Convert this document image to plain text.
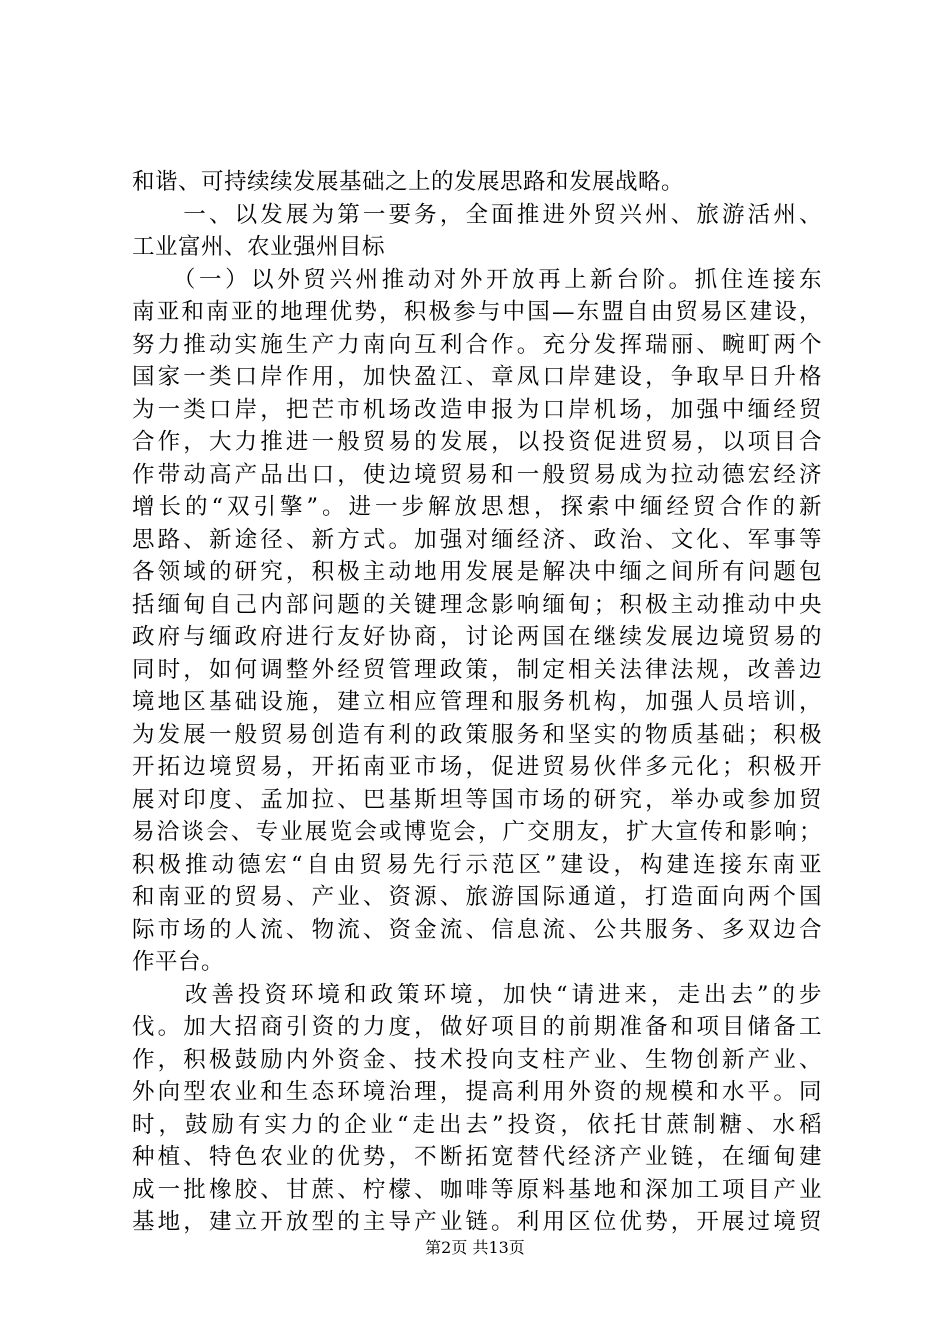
和谐、可持续续发展基础之上的发展思路和发展战略。
　　一、以发展为第一要务，全面推进外贸兴州、旅游活州、
工业富州、农业强州目标
　　（一）以外贸兴州推动对外开放再上新台阶。抓住连接东
南亚和南亚的地理优势，积极参与中国—东盟自由贸易区建设，
努力推动实施生产力南向互利合作。充分发挥瑞丽、畹町两个
国家一类口岸作用，加快盈江、章凤口岸建设，争取早日升格
为一类口岸，把芒市机场改造申报为口岸机场，加强中缅经贸
合作，大力推进一般贸易的发展，以投资促进贸易，以项目合
作带动高产品出口，使边境贸易和一般贸易成为拉动德宏经济
增长的“双引擎”。进一步解放思想，探索中缅经贸合作的新
思路、新途径、新方式。加强对缅经济、政治、文化、军事等
各领域的研究，积极主动地用发展是解决中缅之间所有问题包
括缅甸自己内部问题的关键理念影响缅甸；积极主动推动中央
政府与缅政府进行友好协商，讨论两国在继续发展边境贸易的
同时，如何调整外经贸管理政策，制定相关法律法规，改善边
境地区基础设施，建立相应管理和服务机构，加强人员培训，
为发展一般贸易创造有利的政策服务和坚实的物质基础；积极
开拓边境贸易，开拓南亚市场，促进贸易伙伴多元化；积极开
展对印度、孟加拉、巴基斯坦等国市场的研究，举办或参加贸
易洽谈会、专业展览会或博览会，广交朋友，扩大宣传和影响；
积极推动德宏“自由贸易先行示范区”建设，构建连接东南亚
和南亚的贸易、产业、资源、旅游国际通道，打造面向两个国
际市场的人流、物流、资金流、信息流、公共服务、多双边合
作平台。
　　改善投资环境和政策环境，加快“请进来，走出去”的步
伐。加大招商引资的力度，做好项目的前期准备和项目储备工
作，积极鼓励内外资金、技术投向支柱产业、生物创新产业、
外向型农业和生态环境治理，提高利用外资的规模和水平。同
时，鼓励有实力的企业“走出去”投资，依托甘蔗制糖、水稻
种植、特色农业的优势，不断拓宽替代经济产业链，在缅甸建
成一批橡胶、甘蔗、柠檬、咖啡等原料基地和深加工项目产业
基地，建立开放型的主导产业链。利用区位优势，开展过境贸
第2页 共13页
